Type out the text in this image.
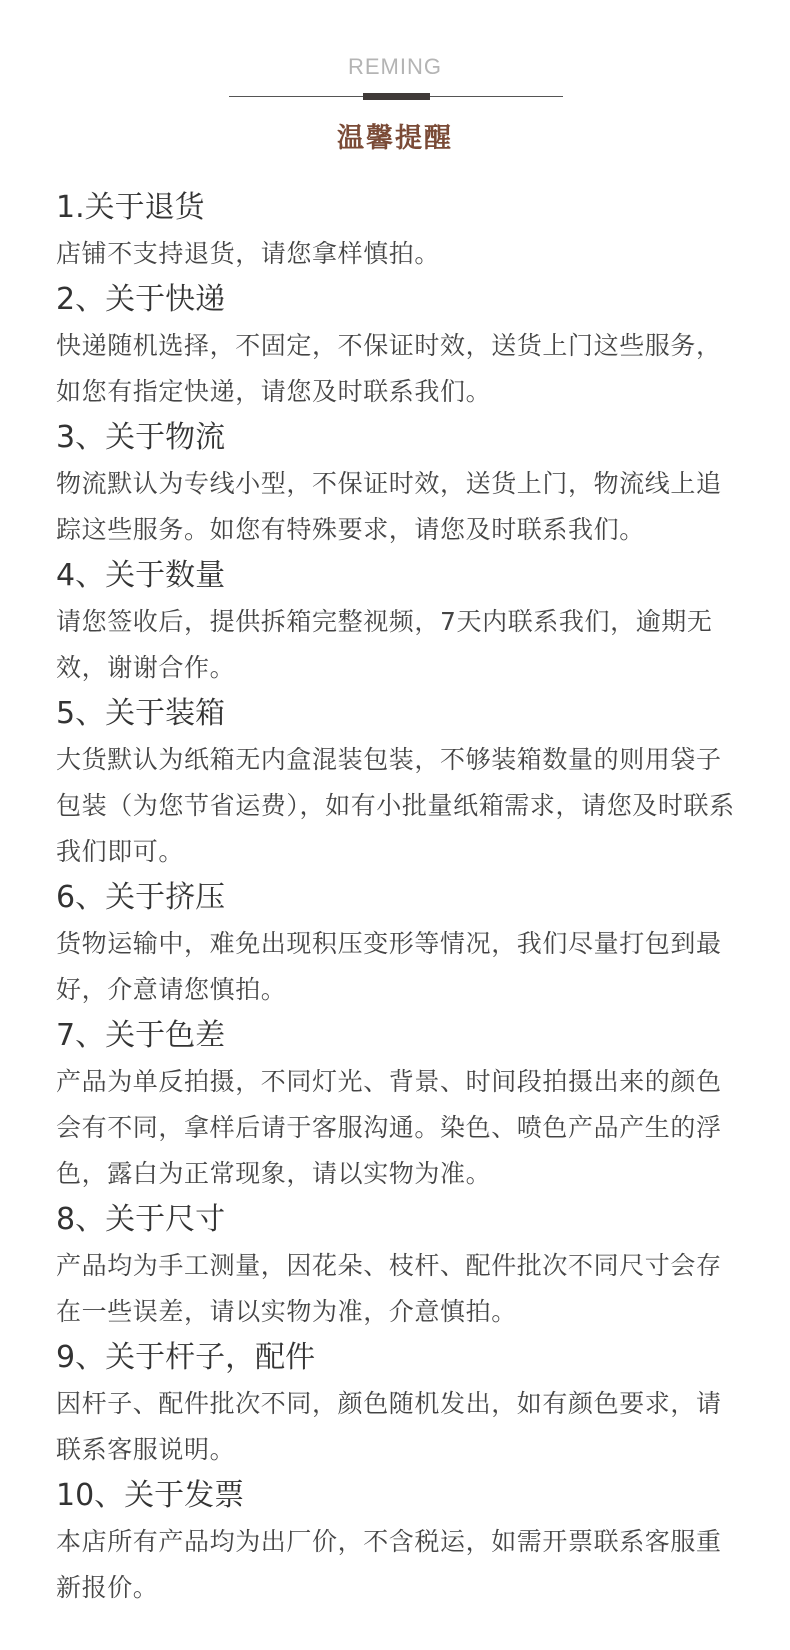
REMING
温馨提醒
1.关于退货

店铺不支持退货，请您拿样慎拍。

2、关于快递

快递随机选择，不固定，不保证时效，送货上门这些服务，如您有指定快递，请您及时联系我们。

3、关于物流

物流默认为专线小型，不保证时效，送货上门，物流线上追踪这些服务。如您有特殊要求，请您及时联系我们。

4、关于数量

请您签收后，提供拆箱完整视频，7天内联系我们，逾期无效，谢谢合作。

5、关于装箱

大货默认为纸箱无内盒混装包装，不够装箱数量的则用袋子包装（为您节省运费），如有小批量纸箱需求，请您及时联系我们即可。

6、关于挤压

货物运输中，难免出现积压变形等情况，我们尽量打包到最好，介意请您慎拍。

7、关于色差

产品为单反拍摄，不同灯光、背景、时间段拍摄出来的颜色会有不同，拿样后请于客服沟通。染色、喷色产品产生的浮色，露白为正常现象，请以实物为准。

8、关于尺寸

产品均为手工测量，因花朵、枝杆、配件批次不同尺寸会存在一些误差，请以实物为准，介意慎拍。

9、关于杆子，配件

因杆子、配件批次不同，颜色随机发出，如有颜色要求，请联系客服说明。

10、关于发票

本店所有产品均为出厂价，不含税运，如需开票联系客服重新报价。
